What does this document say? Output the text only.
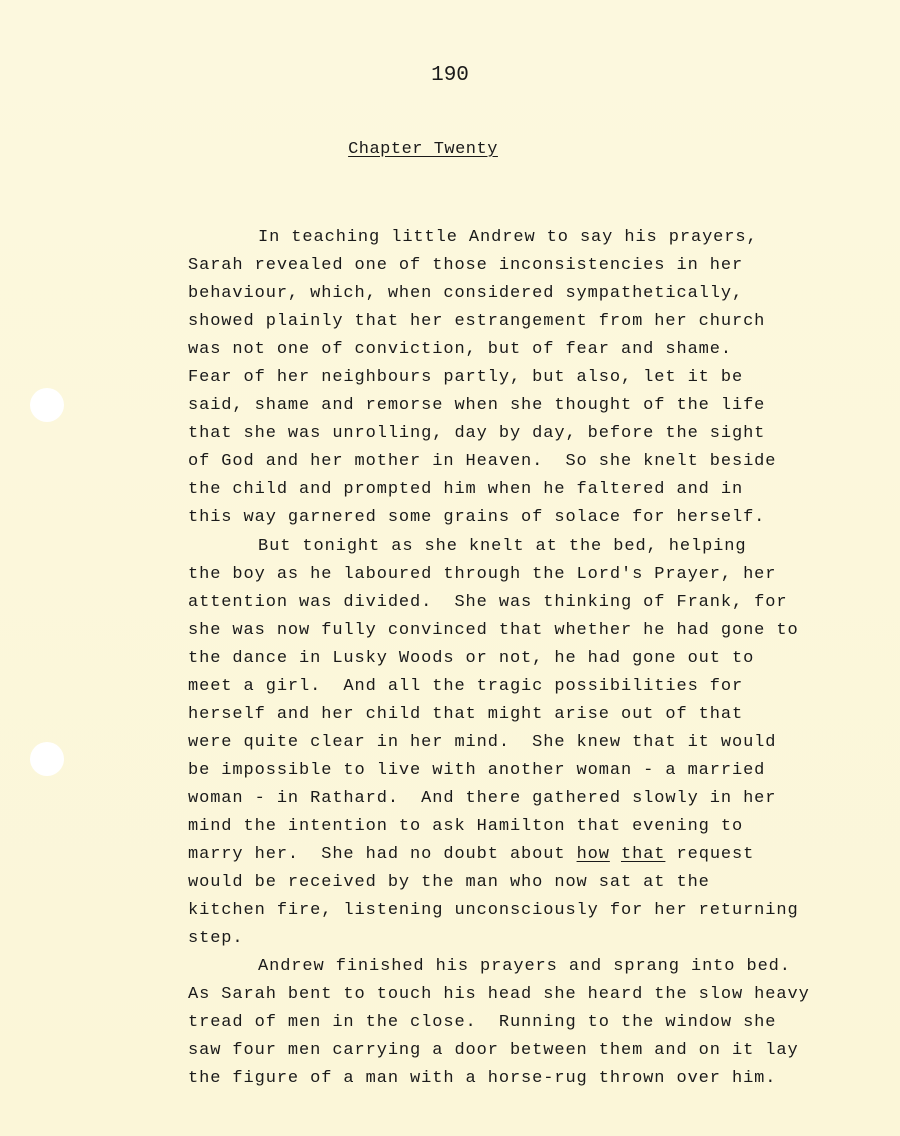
190
Chapter Twenty
In teaching little Andrew to say his prayers,
Sarah revealed one of those inconsistencies in her
behaviour, which, when considered sympathetically,
showed plainly that her estrangement from her church
was not one of conviction, but of fear and shame.
Fear of her neighbours partly, but also, let it be
said, shame and remorse when she thought of the life
that she was unrolling, day by day, before the sight
of God and her mother in Heaven.  So she knelt beside
the child and prompted him when he faltered and in
this way garnered some grains of solace for herself.
But tonight as she knelt at the bed, helping
the boy as he laboured through the Lord's Prayer, her
attention was divided.  She was thinking of Frank, for
she was now fully convinced that whether he had gone to
the dance in Lusky Woods or not, he had gone out to
meet a girl.  And all the tragic possibilities for
herself and her child that might arise out of that
were quite clear in her mind.  She knew that it would
be impossible to live with another woman - a married
woman - in Rathard.  And there gathered slowly in her
mind the intention to ask Hamilton that evening to
marry her.  She had no doubt about how that request
would be received by the man who now sat at the
kitchen fire, listening unconsciously for her returning
step.
Andrew finished his prayers and sprang into bed.
As Sarah bent to touch his head she heard the slow heavy
tread of men in the close.  Running to the window she
saw four men carrying a door between them and on it lay
the figure of a man with a horse-rug thrown over him.
